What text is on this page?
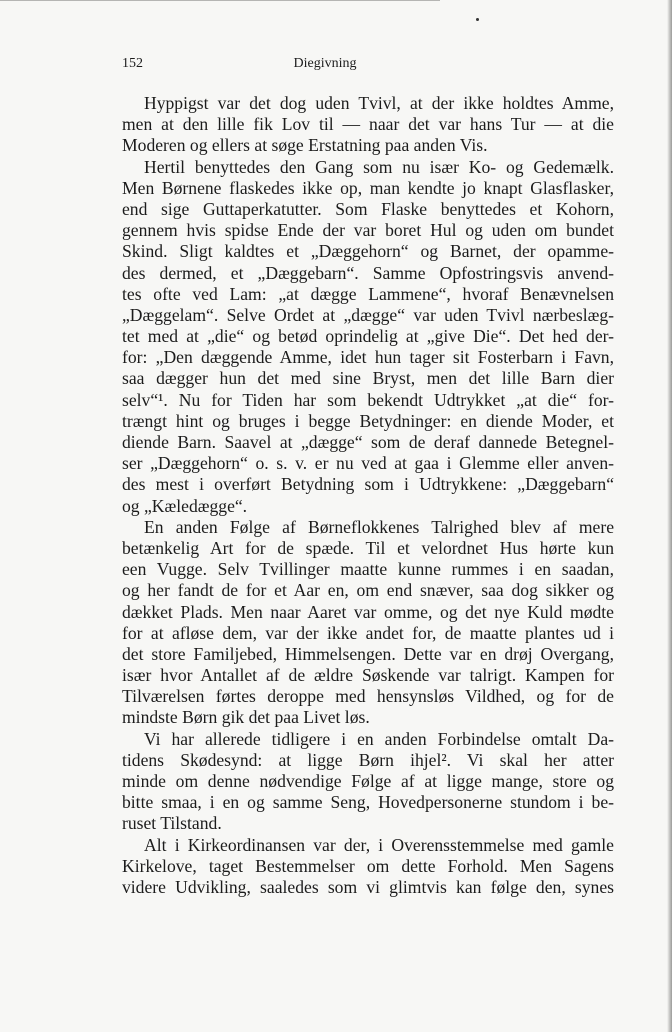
152	Diegivning
Hyppigst var det dog uden Tvivl, at der ikke holdtes Amme,
men at den lille fik Lov til — naar det var hans Tur — at die
Moderen og ellers at søge Erstatning paa anden Vis.
Hertil benyttedes den Gang som nu især Ko- og Gedemælk.
Men Børnene flaskedes ikke op, man kendte jo knapt Glasflasker,
end sige Guttaperkatutter. Som Flaske benyttedes et Kohorn,
gennem hvis spidse Ende der var boret Hul og uden om bundet
Skind. Sligt kaldtes et „Dæggehorn“ og Barnet, der opamme-
des dermed, et „Dæggebarn“. Samme Opfostringsvis anvend-
tes ofte ved Lam: „at dægge Lammene“, hvoraf Benævnelsen
„Dæggelam“. Selve Ordet at „dægge“ var uden Tvivl nærbeslæg-
tet med at „die“ og betød oprindelig at „give Die“. Det hed der-
for: „Den dæggende Amme, idet hun tager sit Fosterbarn i Favn,
saa dægger hun det med sine Bryst, men det lille Barn dier
selv“¹. Nu for Tiden har som bekendt Udtrykket „at die“ for-
trængt hint og bruges i begge Betydninger: en diende Moder, et
diende Barn. Saavel at „dægge“ som de deraf dannede Betegnel-
ser „Dæggehorn“ o. s. v. er nu ved at gaa i Glemme eller anven-
des mest i overført Betydning som i Udtrykkene: „Dæggebarn“
og „Kæledægge“.
En anden Følge af Børneflokkenes Talrighed blev af mere
betænkelig Art for de spæde. Til et velordnet Hus hørte kun
een Vugge. Selv Tvillinger maatte kunne rummes i en saadan,
og her fandt de for et Aar en, om end snæver, saa dog sikker og
dækket Plads. Men naar Aaret var omme, og det nye Kuld mødte
for at afløse dem, var der ikke andet for, de maatte plantes ud i
det store Familjebed, Himmelsengen. Dette var en drøj Overgang,
især hvor Antallet af de ældre Søskende var talrigt. Kampen for
Tilværelsen førtes deroppe med hensynsløs Vildhed, og for de
mindste Børn gik det paa Livet løs.
Vi har allerede tidligere i en anden Forbindelse omtalt Da-
tidens Skødesynd: at ligge Børn ihjel². Vi skal her atter
minde om denne nødvendige Følge af at ligge mange, store og
bitte smaa, i en og samme Seng, Hovedpersonerne stundom i be-
ruset Tilstand.
Alt i Kirkeordinansen var der, i Overensstemmelse med gamle
Kirkelove, taget Bestemmelser om dette Forhold. Men Sagens
videre Udvikling, saaledes som vi glimtvis kan følge den, synes
